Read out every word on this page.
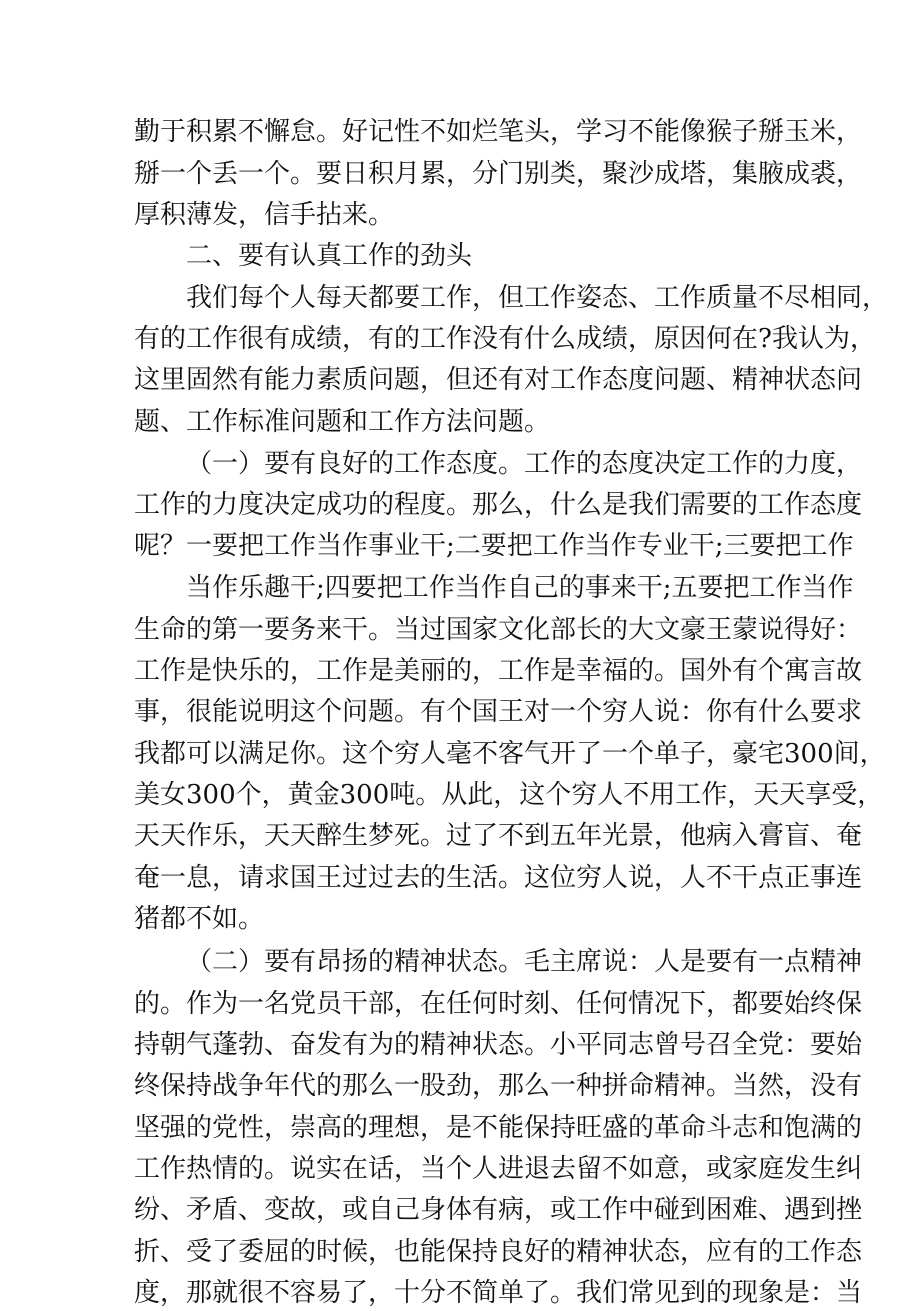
勤于积累不懈怠。好记性不如烂笔头，学习不能像猴子掰玉米，
掰一个丢一个。要日积月累，分门别类，聚沙成塔，集腋成裘，
厚积薄发，信手拈来。
二、要有认真工作的劲头
我们每个人每天都要工作，但工作姿态、工作质量不尽相同，
有的工作很有成绩，有的工作没有什么成绩，原因何在?我认为，
这里固然有能力素质问题，但还有对工作态度问题、精神状态问
题、工作标准问题和工作方法问题。
（一）要有良好的工作态度。工作的态度决定工作的力度，
工作的力度决定成功的程度。那么，什么是我们需要的工作态度
呢？一要把工作当作事业干;二要把工作当作专业干;三要把工作
当作乐趣干;四要把工作当作自己的事来干;五要把工作当作
生命的第一要务来干。当过国家文化部长的大文豪王蒙说得好：
工作是快乐的，工作是美丽的，工作是幸福的。国外有个寓言故
事，很能说明这个问题。有个国王对一个穷人说：你有什么要求
我都可以满足你。这个穷人毫不客气开了一个单子，豪宅300间，
美女300个，黄金300吨。从此，这个穷人不用工作，天天享受，
天天作乐，天天醉生梦死。过了不到五年光景，他病入膏盲、奄
奄一息，请求国王过过去的生活。这位穷人说，人不干点正事连
猪都不如。
（二）要有昂扬的精神状态。毛主席说：人是要有一点精神
的。作为一名党员干部，在任何时刻、任何情况下，都要始终保
持朝气蓬勃、奋发有为的精神状态。小平同志曾号召全党：要始
终保持战争年代的那么一股劲，那么一种拼命精神。当然，没有
坚强的党性，崇高的理想，是不能保持旺盛的革命斗志和饱满的
工作热情的。说实在话，当个人进退去留不如意，或家庭发生纠
纷、矛盾、变故，或自己身体有病，或工作中碰到困难、遇到挫
折、受了委屈的时候，也能保持良好的精神状态，应有的工作态
度，那就很不容易了，十分不简单了。我们常见到的现象是：当
